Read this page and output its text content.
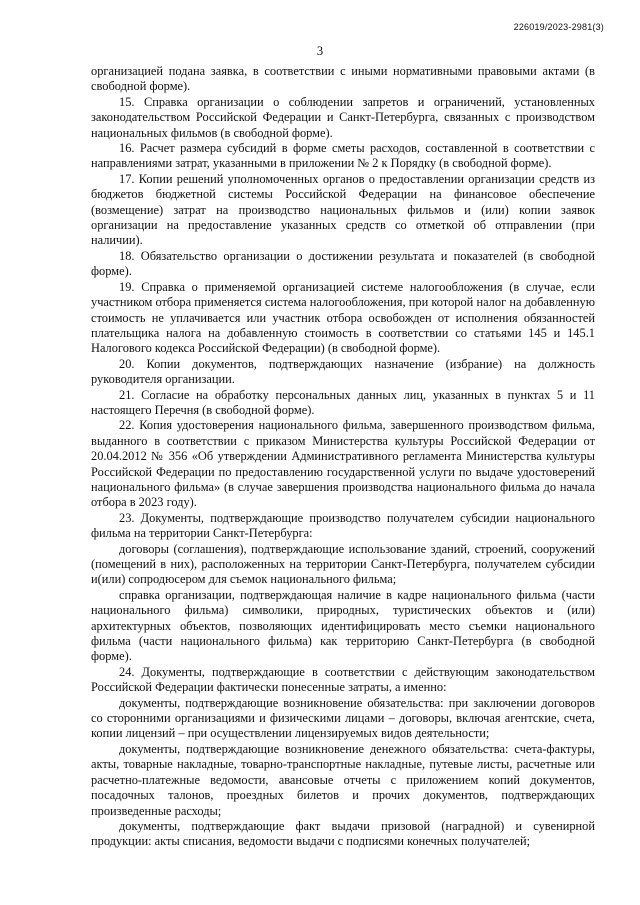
226019/2023-2981(3)
3

организацией подана заявка, в соответствии с иными нормативными правовыми актами (в свободной форме).

15. Справка организации о соблюдении запретов и ограничений, установленных законодательством Российской Федерации и Санкт-Петербурга, связанных с производством национальных фильмов (в свободной форме).

16. Расчет размера субсидий в форме сметы расходов, составленной в соответствии с направлениями затрат, указанными в приложении № 2 к Порядку (в свободной форме).

17. Копии решений уполномоченных органов о предоставлении организации средств из бюджетов бюджетной системы Российской Федерации на финансовое обеспечение (возмещение) затрат на производство национальных фильмов и (или) копии заявок организации на предоставление указанных средств со отметкой об отправлении (при наличии).

18. Обязательство организации о достижении результата и показателей (в свободной форме).

19. Справка о применяемой организацией системе налогообложения (в случае, если участником отбора применяется система налогообложения, при которой налог на добавленную стоимость не уплачивается или участник отбора освобожден от исполнения обязанностей плательщика налога на добавленную стоимость в соответствии со статьями 145 и 145.1 Налогового кодекса Российской Федерации) (в свободной форме).

20. Копии документов, подтверждающих назначение (избрание) на должность руководителя организации.

21. Согласие на обработку персональных данных лиц, указанных в пунктах 5 и 11 настоящего Перечня (в свободной форме).

22. Копия удостоверения национального фильма, завершенного производством фильма, выданного в соответствии с приказом Министерства культуры Российской Федерации от 20.04.2012 № 356 «Об утверждении Административного регламента Министерства культуры Российской Федерации по предоставлению государственной услуги по выдаче удостоверений национального фильма» (в случае завершения производства национального фильма до начала отбора в 2023 году).

23. Документы, подтверждающие производство получателем субсидии национального фильма на территории Санкт-Петербурга:

договоры (соглашения), подтверждающие использование зданий, строений, сооружений (помещений в них), расположенных на территории Санкт-Петербурга, получателем субсидии и(или) сопродюсером для съемок национального фильма;

справка организации, подтверждающая наличие в кадре национального фильма (части национального фильма) символики, природных, туристических объектов и (или) архитектурных объектов, позволяющих идентифицировать место съемки национального фильма (части национального фильма) как территорию Санкт-Петербурга (в свободной форме).

24. Документы, подтверждающие в соответствии с действующим законодательством Российской Федерации фактически понесенные затраты, а именно:

документы, подтверждающие возникновение обязательства: при заключении договоров со сторонними организациями и физическими лицами – договоры, включая агентские, счета, копии лицензий – при осуществлении лицензируемых видов деятельности;

документы, подтверждающие возникновение денежного обязательства: счета-фактуры, акты, товарные накладные, товарно-транспортные накладные, путевые листы, расчетные или расчетно-платежные ведомости, авансовые отчеты с приложением копий документов, посадочных талонов, проездных билетов и прочих документов, подтверждающих произведенные расходы;

документы, подтверждающие факт выдачи призовой (наградной) и сувенирной продукции: акты списания, ведомости выдачи с подписями конечных получателей;
